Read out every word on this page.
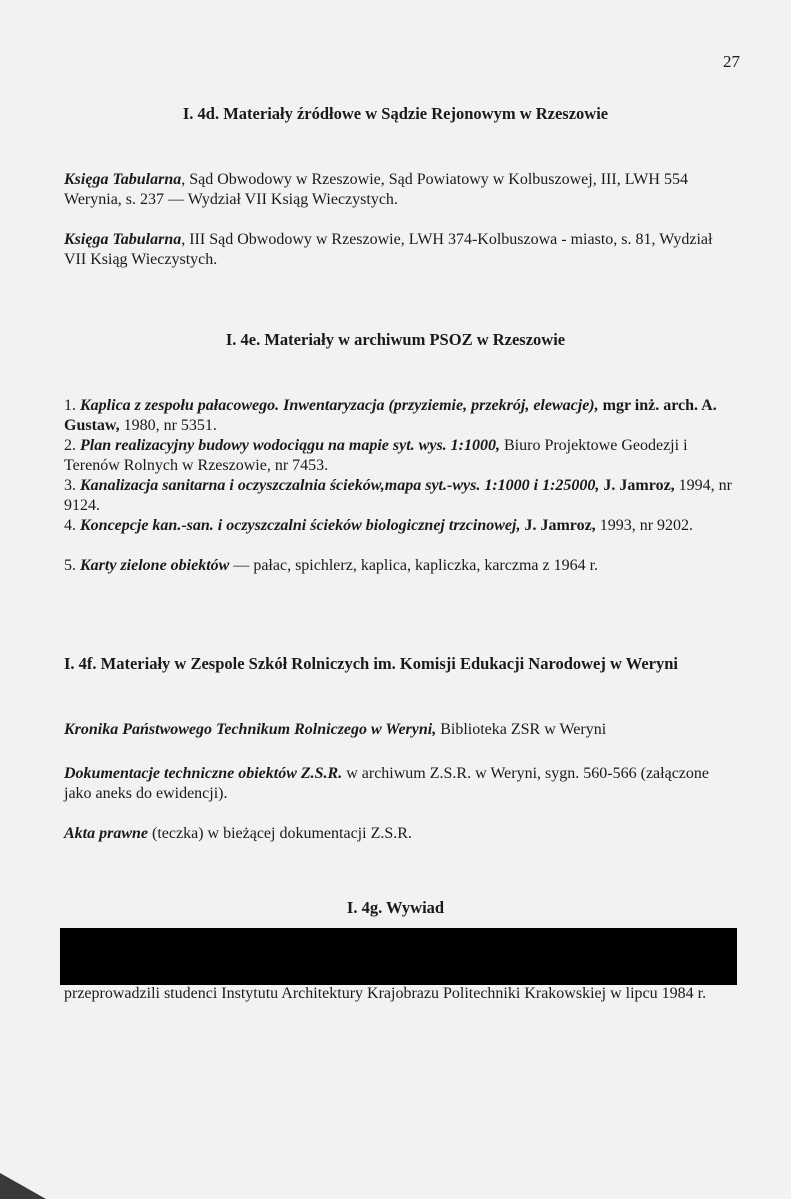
27
I. 4d. Materiały źródłowe w Sądzie Rejonowym w Rzeszowie
Księga Tabularna, Sąd Obwodowy w Rzeszowie, Sąd Powiatowy w Kolbuszowej, III, LWH 554 Werynia, s. 237 — Wydział VII Ksiąg Wieczystych.
Księga Tabularna, III Sąd Obwodowy w Rzeszowie, LWH 374-Kolbuszowa - miasto, s. 81, Wydział VII Ksiąg Wieczystych.
I. 4e. Materiały w archiwum PSOZ w Rzeszowie
1. Kaplica z zespołu pałacowego. Inwentaryzacja (przyziemie, przekrój, elewacje), mgr inż. arch. A. Gustaw, 1980, nr 5351.
2. Plan realizacyjny budowy wodociągu na mapie syt. wys. 1:1000, Biuro Projektowe Geodezji i Terenów Rolnych w Rzeszowie, nr 7453.
3. Kanalizacja sanitarna i oczyszczalnia ścieków,mapa syt.-wys. 1:1000 i 1:25000, J. Jamroz, 1994, nr 9124.
4. Koncepcje kan.-san. i oczyszczalni ścieków biologicznej trzcinowej, J. Jamroz, 1993, nr 9202.
5. Karty zielone obiektów — pałac, spichlerz, kaplica, kapliczka, karczma z 1964 r.
I. 4f. Materiały w Zespole Szkół Rolniczych im. Komisji Edukacji Narodowej w Weryni
Kronika Państwowego Technikum Rolniczego w Weryni, Biblioteka ZSR w Weryni
Dokumentacje techniczne obiektów Z.S.R. w archiwum Z.S.R. w Weryni, sygn. 560-566 (załączone jako aneks do ewidencji).
Akta prawne (teczka) w bieżącej dokumentacji Z.S.R.
I. 4g. Wywiad
przeprowadzili studenci Instytutu Architektury Krajobrazu Politechniki Krakowskiej w lipcu 1984 r.
